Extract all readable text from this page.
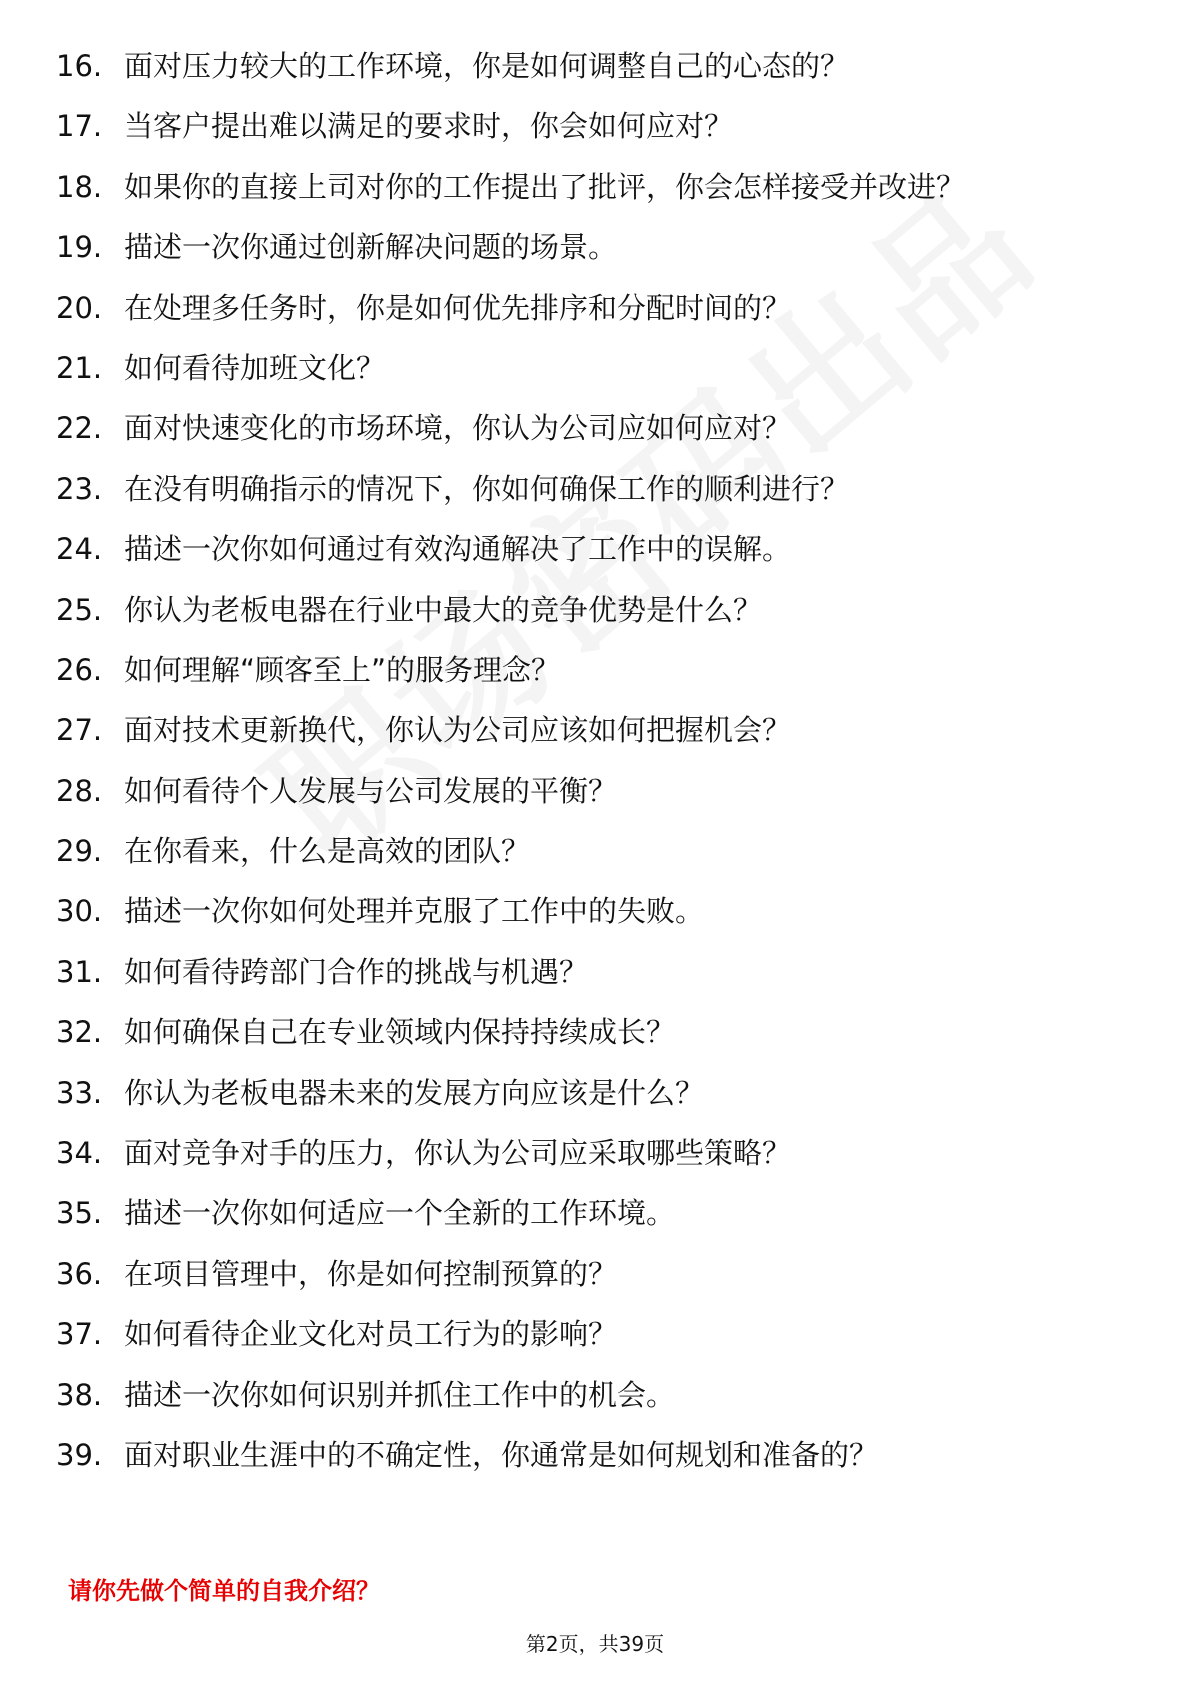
16. 面对压力较大的工作环境，你是如何调整自己的心态的？
17. 当客户提出难以满足的要求时，你会如何应对？
18. 如果你的直接上司对你的工作提出了批评，你会怎样接受并改进？
19. 描述一次你通过创新解决问题的场景。
20. 在处理多任务时，你是如何优先排序和分配时间的？
21. 如何看待加班文化？
22. 面对快速变化的市场环境，你认为公司应如何应对？
23. 在没有明确指示的情况下，你如何确保工作的顺利进行？
24. 描述一次你如何通过有效沟通解决了工作中的误解。
25. 你认为老板电器在行业中最大的竞争优势是什么？
26. 如何理解“顾客至上”的服务理念？
27. 面对技术更新换代，你认为公司应该如何把握机会？
28. 如何看待个人发展与公司发展的平衡？
29. 在你看来，什么是高效的团队？
30. 描述一次你如何处理并克服了工作中的失败。
31. 如何看待跨部门合作的挑战与机遇？
32. 如何确保自己在专业领域内保持持续成长？
33. 你认为老板电器未来的发展方向应该是什么？
34. 面对竞争对手的压力，你认为公司应采取哪些策略？
35. 描述一次你如何适应一个全新的工作环境。
36. 在项目管理中，你是如何控制预算的？
37. 如何看待企业文化对员工行为的影响？
38. 描述一次你如何识别并抓住工作中的机会。
39. 面对职业生涯中的不确定性，你通常是如何规划和准备的？
请你先做个简单的自我介绍？
第2页，共39页
